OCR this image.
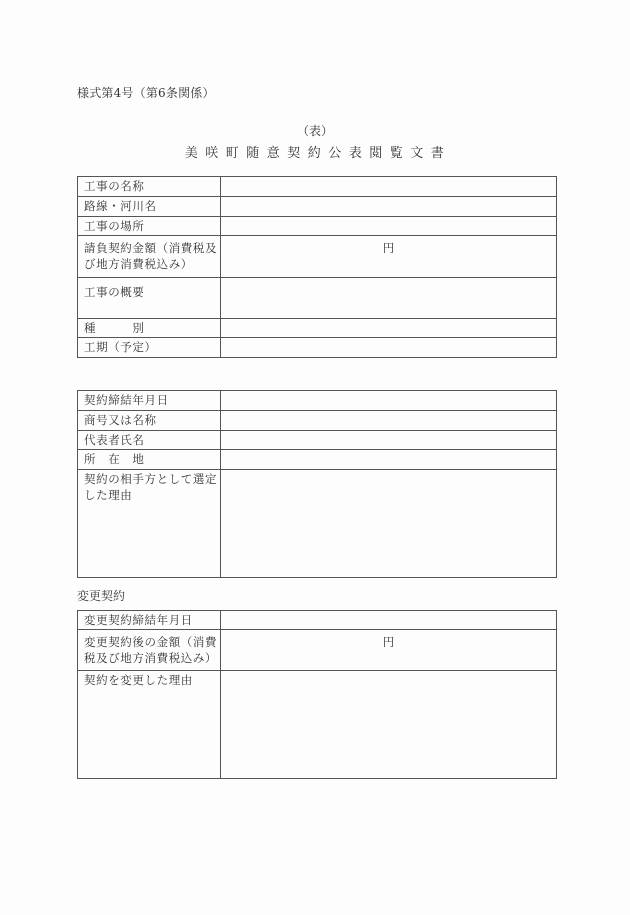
様式第4号（第6条関係）
（表）
美咲町随意契約公表閲覧文書
工事の名称	
路線・河川名	
工事の場所	
請負契約金額（消費税及び地方消費税込み）	円
工事の概要	
種　　　別	
工期（予定）	
契約締結年月日	
商号又は名称	
代表者氏名	
所　在　地	
契約の相手方として選定した理由	
変更契約
変更契約締結年月日	
変更契約後の金額（消費税及び地方消費税込み）	円
契約を変更した理由	
